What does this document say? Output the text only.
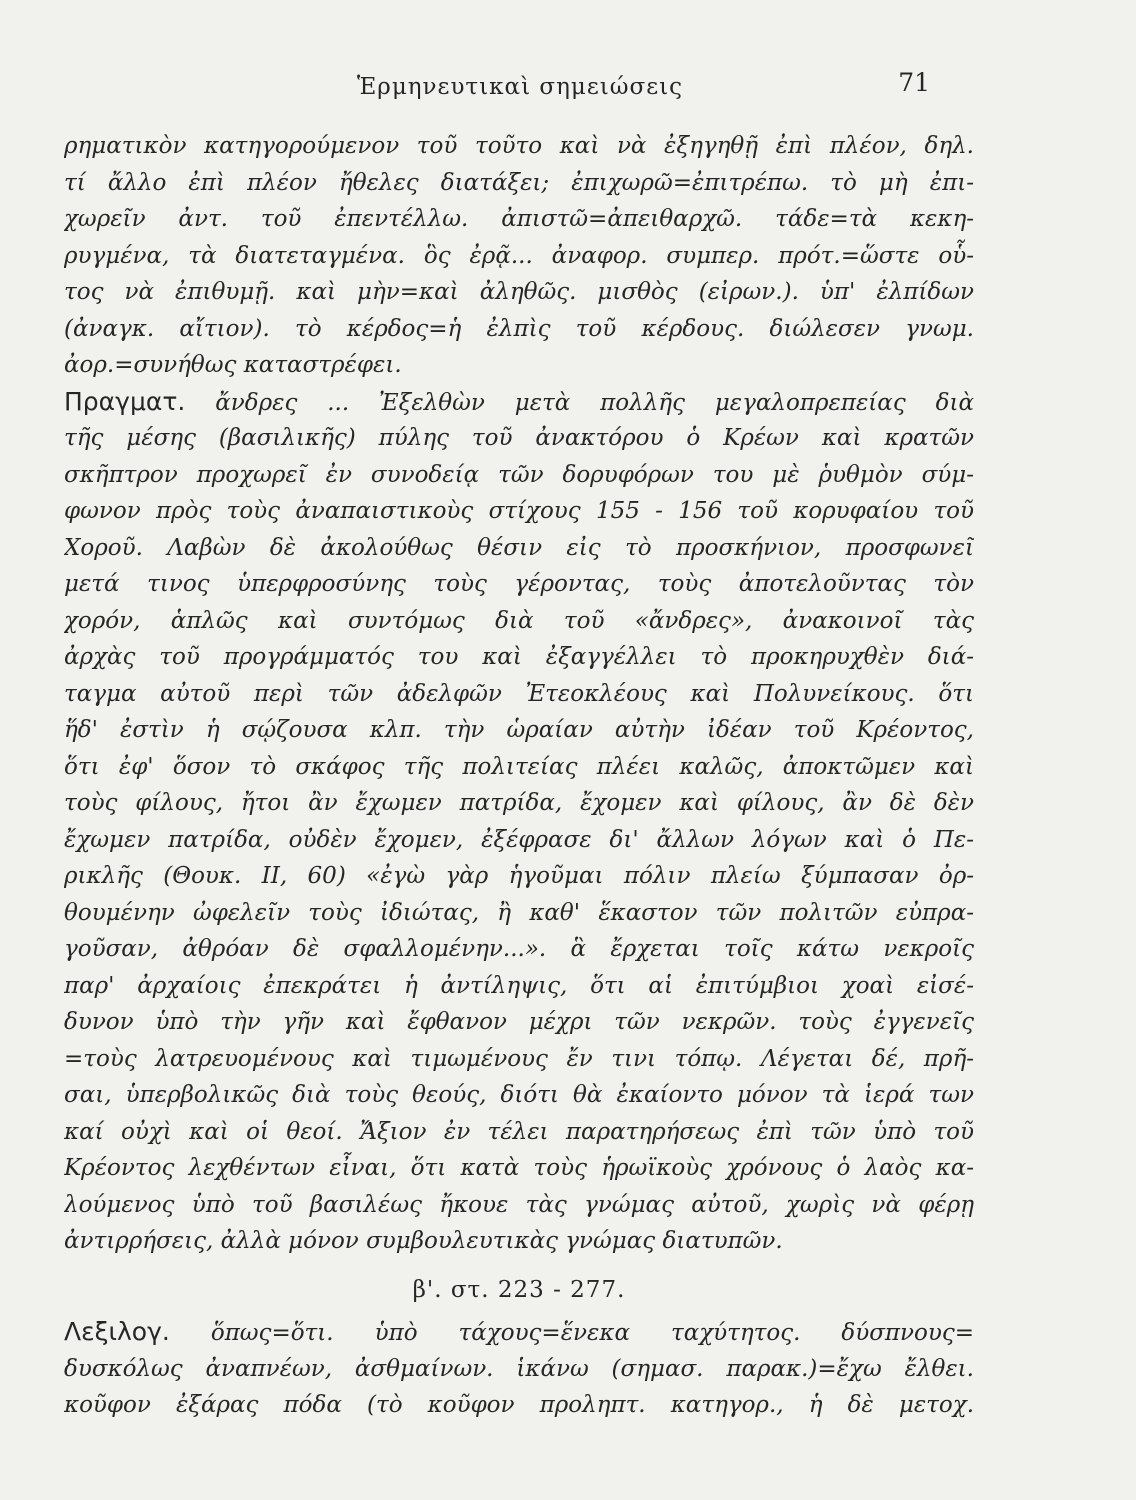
Ἑρμηνευτικαὶ σημειώσεις	71
ρηματικὸν κατηγορούμενον τοῦ τοῦτο καὶ νὰ ἐξηγηθῇ ἐπὶ πλέον, δηλ.
τί ἄλλο ἐπὶ πλέον ἤθελες διατάξει; ἐπιχωρῶ=ἐπιτρέπω. τὸ μὴ ἐπι-
χωρεῖν ἀντ. τοῦ ἐπεντέλλω. ἀπιστῶ=ἀπειθαρχῶ. τάδε=τὰ κεκη-
ρυγμένα, τὰ διατεταγμένα. ὃς ἐρᾷ... ἀναφορ. συμπερ. πρότ.=ὥστε οὗ-
τος νὰ ἐπιθυμῇ. καὶ μὴν=καὶ ἀληθῶς. μισθὸς (εἰρων.). ὑπ' ἐλπίδων
(ἀναγκ. αἴτιον). τὸ κέρδος=ἡ ἐλπὶς τοῦ κέρδους. διώλεσεν γνωμ.
ἀορ.=συνήθως καταστρέφει.
Πραγματ. ἄνδρες ... Ἐξελθὼν μετὰ πολλῆς μεγαλοπρεπείας διὰ
τῆς μέσης (βασιλικῆς) πύλης τοῦ ἀνακτόρου ὁ Κρέων καὶ κρατῶν
σκῆπτρον προχωρεῖ ἐν συνοδείᾳ τῶν δορυφόρων του μὲ ῥυθμὸν σύμ-
φωνον πρὸς τοὺς ἀναπαιστικοὺς στίχους 155 - 156 τοῦ κορυφαίου τοῦ
Χοροῦ. Λαβὼν δὲ ἀκολούθως θέσιν εἰς τὸ προσκήνιον, προσφωνεῖ
μετά τινος ὑπερφροσύνης τοὺς γέροντας, τοὺς ἀποτελοῦντας τὸν
χορόν, ἁπλῶς καὶ συντόμως διὰ τοῦ «ἄνδρες», ἀνακοινοῖ τὰς
ἀρχὰς τοῦ προγράμματός του καὶ ἐξαγγέλλει τὸ προκηρυχθὲν διά-
ταγμα αὐτοῦ περὶ τῶν ἀδελφῶν Ἐτεοκλέους καὶ Πολυνείκους. ὅτι
ἥδ' ἐστὶν ἡ σῴζουσα κλπ. τὴν ὡραίαν αὐτὴν ἰδέαν τοῦ Κρέοντος,
ὅτι ἐφ' ὅσον τὸ σκάφος τῆς πολιτείας πλέει καλῶς, ἀποκτῶμεν καὶ
τοὺς φίλους, ἤτοι ἂν ἔχωμεν πατρίδα, ἔχομεν καὶ φίλους, ἂν δὲ δὲν
ἔχωμεν πατρίδα, οὐδὲν ἔχομεν, ἐξέφρασε δι' ἄλλων λόγων καὶ ὁ Πε-
ρικλῆς (Θουκ. ΙΙ, 60) «ἐγὼ γὰρ ἡγοῦμαι πόλιν πλείω ξύμπασαν ὀρ-
θουμένην ὠφελεῖν τοὺς ἰδιώτας, ἢ καθ' ἕκαστον τῶν πολιτῶν εὐπρα-
γοῦσαν, ἀθρόαν δὲ σφαλλομένην...». ἃ ἔρχεται τοῖς κάτω νεκροῖς
παρ' ἀρχαίοις ἐπεκράτει ἡ ἀντίληψις, ὅτι αἱ ἐπιτύμβιοι χοαὶ εἰσέ-
δυνον ὑπὸ τὴν γῆν καὶ ἔφθανον μέχρι τῶν νεκρῶν. τοὺς ἐγγενεῖς
=τοὺς λατρευομένους καὶ τιμωμένους ἔν τινι τόπῳ. Λέγεται δέ, πρῆ-
σαι, ὑπερβολικῶς διὰ τοὺς θεούς, διότι θὰ ἐκαίοντο μόνον τὰ ἱερά των
καί οὐχὶ καὶ οἱ θεοί. Ἄξιον ἐν τέλει παρατηρήσεως ἐπὶ τῶν ὑπὸ τοῦ
Κρέοντος λεχθέντων εἶναι, ὅτι κατὰ τοὺς ἡρωϊκοὺς χρόνους ὁ λαὸς κα-
λούμενος ὑπὸ τοῦ βασιλέως ἤκουε τὰς γνώμας αὐτοῦ, χωρὶς νὰ φέρῃ
ἀντιρρήσεις, ἀλλὰ μόνον συμβουλευτικὰς γνώμας διατυπῶν.
β'. στ. 223 - 277.
Λεξιλογ. ὅπως=ὅτι. ὑπὸ τάχους=ἕνεκα ταχύτητος. δύσπνους=
δυσκόλως ἀναπνέων, ἀσθμαίνων. ἱκάνω (σημασ. παρακ.)=ἔχω ἔλθει.
κοῦφον ἐξάρας πόδα (τὸ κοῦφον προληπτ. κατηγορ., ἡ δὲ μετοχ.
